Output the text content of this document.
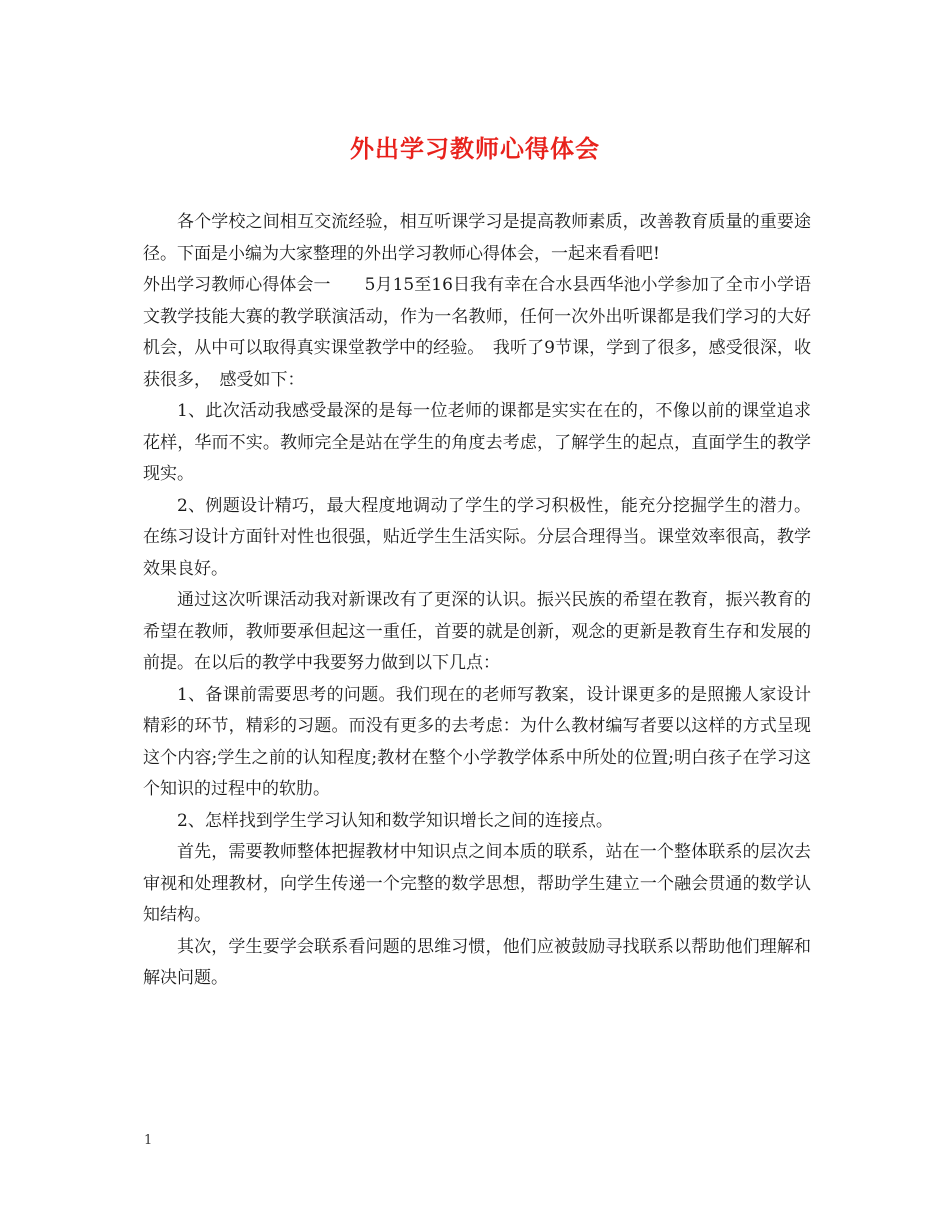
外出学习教师心得体会

各个学校之间相互交流经验，相互听课学习是提高教师素质，改善教育质量的重要途径。下面是小编为大家整理的外出学习教师心得体会，一起来看看吧!

外出学习教师心得体会一　　5月15至16日我有幸在合水县西华池小学参加了全市小学语文教学技能大赛的教学联演活动，作为一名教师，任何一次外出听课都是我们学习的大好机会，从中可以取得真实课堂教学中的经验。　我听了9节课，学到了很多，感受很深，收获很多，　感受如下：

1、此次活动我感受最深的是每一位老师的课都是实实在在的，不像以前的课堂追求花样，华而不实。教师完全是站在学生的角度去考虑，了解学生的起点，直面学生的教学现实。

2、例题设计精巧，最大程度地调动了学生的学习积极性，能充分挖掘学生的潜力。在练习设计方面针对性也很强，贴近学生生活实际。分层合理得当。课堂效率很高，教学效果良好。

通过这次听课活动我对新课改有了更深的认识。振兴民族的希望在教育，振兴教育的希望在教师，教师要承但起这一重任，首要的就是创新，观念的更新是教育生存和发展的前提。在以后的教学中我要努力做到以下几点：

1、备课前需要思考的问题。我们现在的老师写教案，设计课更多的是照搬人家设计精彩的环节，精彩的习题。而没有更多的去考虑：为什么教材编写者要以这样的方式呈现这个内容;学生之前的认知程度;教材在整个小学教学体系中所处的位置;明白孩子在学习这个知识的过程中的软肋。

2、怎样找到学生学习认知和数学知识增长之间的连接点。

首先，需要教师整体把握教材中知识点之间本质的联系，站在一个整体联系的层次去审视和处理教材，向学生传递一个完整的数学思想，帮助学生建立一个融会贯通的数学认知结构。

其次，学生要学会联系看问题的思维习惯，他们应被鼓励寻找联系以帮助他们理解和解决问题。

1
